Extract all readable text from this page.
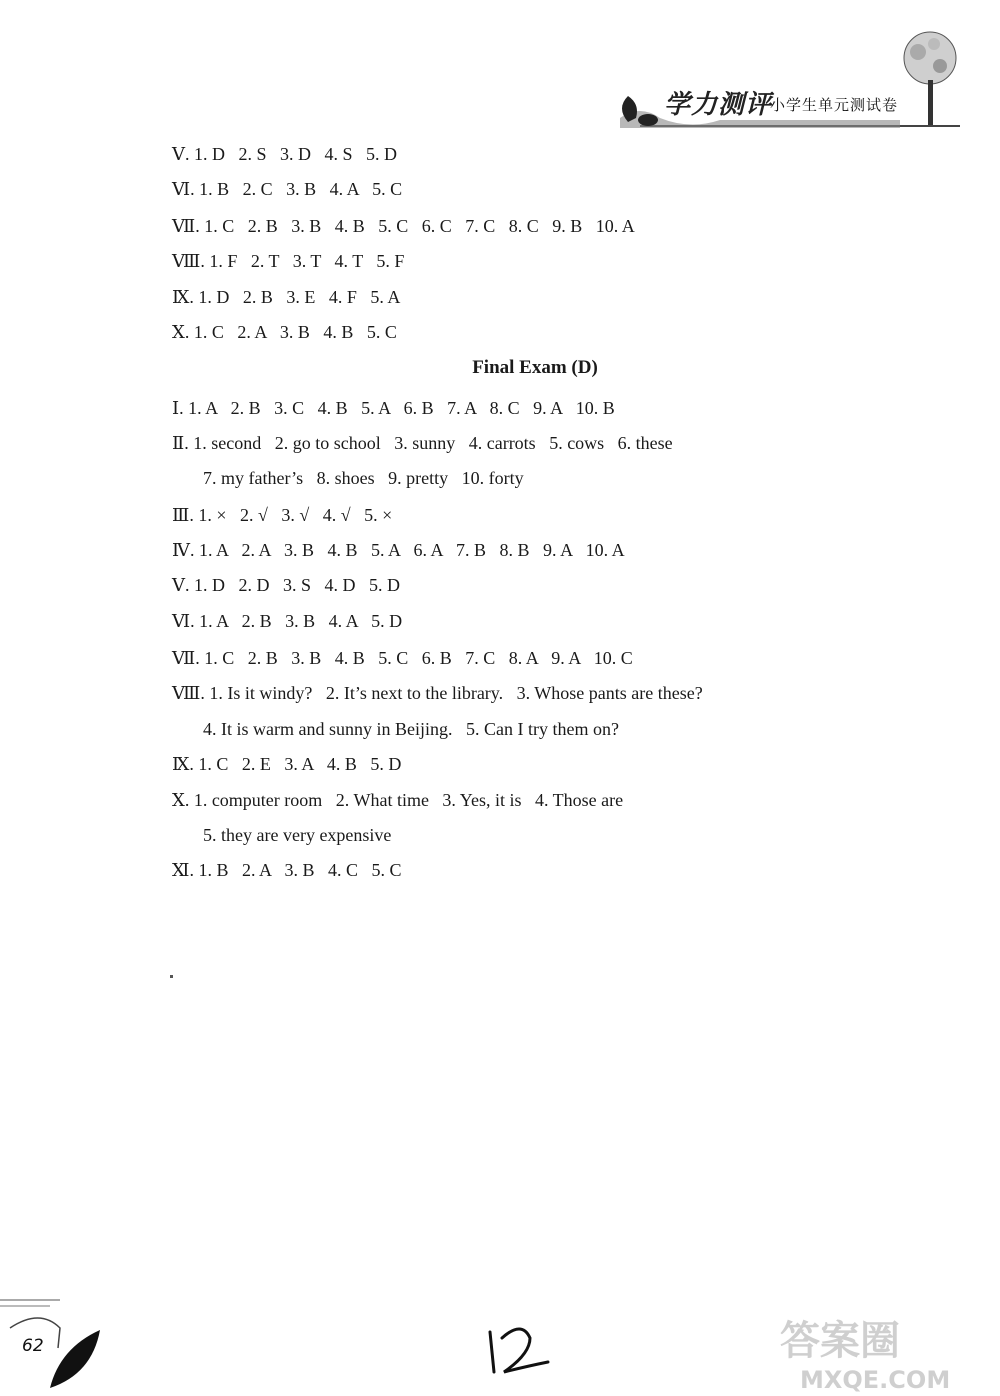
学力测评
小学生单元测试卷
Ⅴ. 1. D   2. S   3. D   4. S   5. D
Ⅵ. 1. B   2. C   3. B   4. A   5. C
Ⅶ. 1. C   2. B   3. B   4. B   5. C   6. C   7. C   8. C   9. B   10. A
Ⅷ. 1. F   2. T   3. T   4. T   5. F
Ⅸ. 1. D   2. B   3. E   4. F   5. A
Ⅹ. 1. C   2. A   3. B   4. B   5. C
Final Exam (D)
Ⅰ. 1. A   2. B   3. C   4. B   5. A   6. B   7. A   8. C   9. A   10. B
Ⅱ. 1. second   2. go to school   3. sunny   4. carrots   5. cows   6. these
7. my father’s   8. shoes   9. pretty   10. forty
Ⅲ. 1. ×   2. √   3. √   4. √   5. ×
Ⅳ. 1. A   2. A   3. B   4. B   5. A   6. A   7. B   8. B   9. A   10. A
Ⅴ. 1. D   2. D   3. S   4. D   5. D
Ⅵ. 1. A   2. B   3. B   4. A   5. D
Ⅶ. 1. C   2. B   3. B   4. B   5. C   6. B   7. C   8. A   9. A   10. C
Ⅷ. 1. Is it windy?   2. It’s next to the library.   3. Whose pants are these?
4. It is warm and sunny in Beijing.   5. Can I try them on?
Ⅸ. 1. C   2. E   3. A   4. B   5. D
Ⅹ. 1. computer room   2. What time   3. Yes, it is   4. Those are
5. they are very expensive
Ⅺ. 1. B   2. A   3. B   4. C   5. C
62	答案圈
MXQE.COM
